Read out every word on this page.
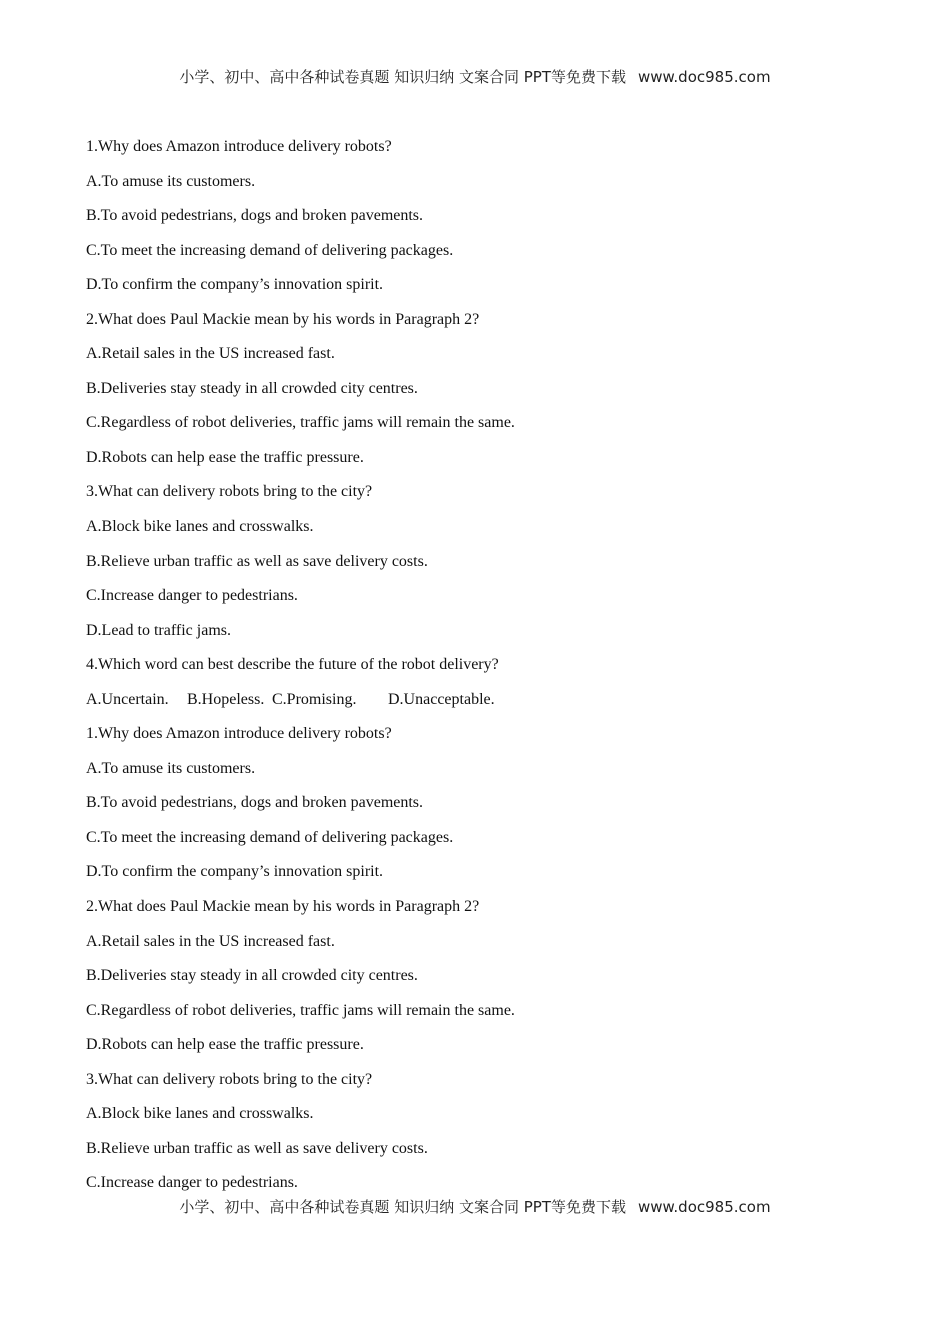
小学、初中、高中各种试卷真题 知识归纳 文案合同 PPT等免费下载 www.doc985.com
1.Why does Amazon introduce delivery robots?
A.To amuse its customers.
B.To avoid pedestrians, dogs and broken pavements.
C.To meet the increasing demand of delivering packages.
D.To confirm the company’s innovation spirit.
2.What does Paul Mackie mean by his words in Paragraph 2?
A.Retail sales in the US increased fast.
B.Deliveries stay steady in all crowded city centres.
C.Regardless of robot deliveries, traffic jams will remain the same.
D.Robots can help ease the traffic pressure.
3.What can delivery robots bring to the city?
A.Block bike lanes and crosswalks.
B.Relieve urban traffic as well as save delivery costs.
C.Increase danger to pedestrians.
D.Lead to traffic jams.
4.Which word can best describe the future of the robot delivery?
A.Uncertain. B.Hopeless. C.Promising. D.Unacceptable.
1.Why does Amazon introduce delivery robots?
A.To amuse its customers.
B.To avoid pedestrians, dogs and broken pavements.
C.To meet the increasing demand of delivering packages.
D.To confirm the company’s innovation spirit.
2.What does Paul Mackie mean by his words in Paragraph 2?
A.Retail sales in the US increased fast.
B.Deliveries stay steady in all crowded city centres.
C.Regardless of robot deliveries, traffic jams will remain the same.
D.Robots can help ease the traffic pressure.
3.What can delivery robots bring to the city?
A.Block bike lanes and crosswalks.
B.Relieve urban traffic as well as save delivery costs.
C.Increase danger to pedestrians.
小学、初中、高中各种试卷真题 知识归纳 文案合同 PPT等免费下载 www.doc985.com
